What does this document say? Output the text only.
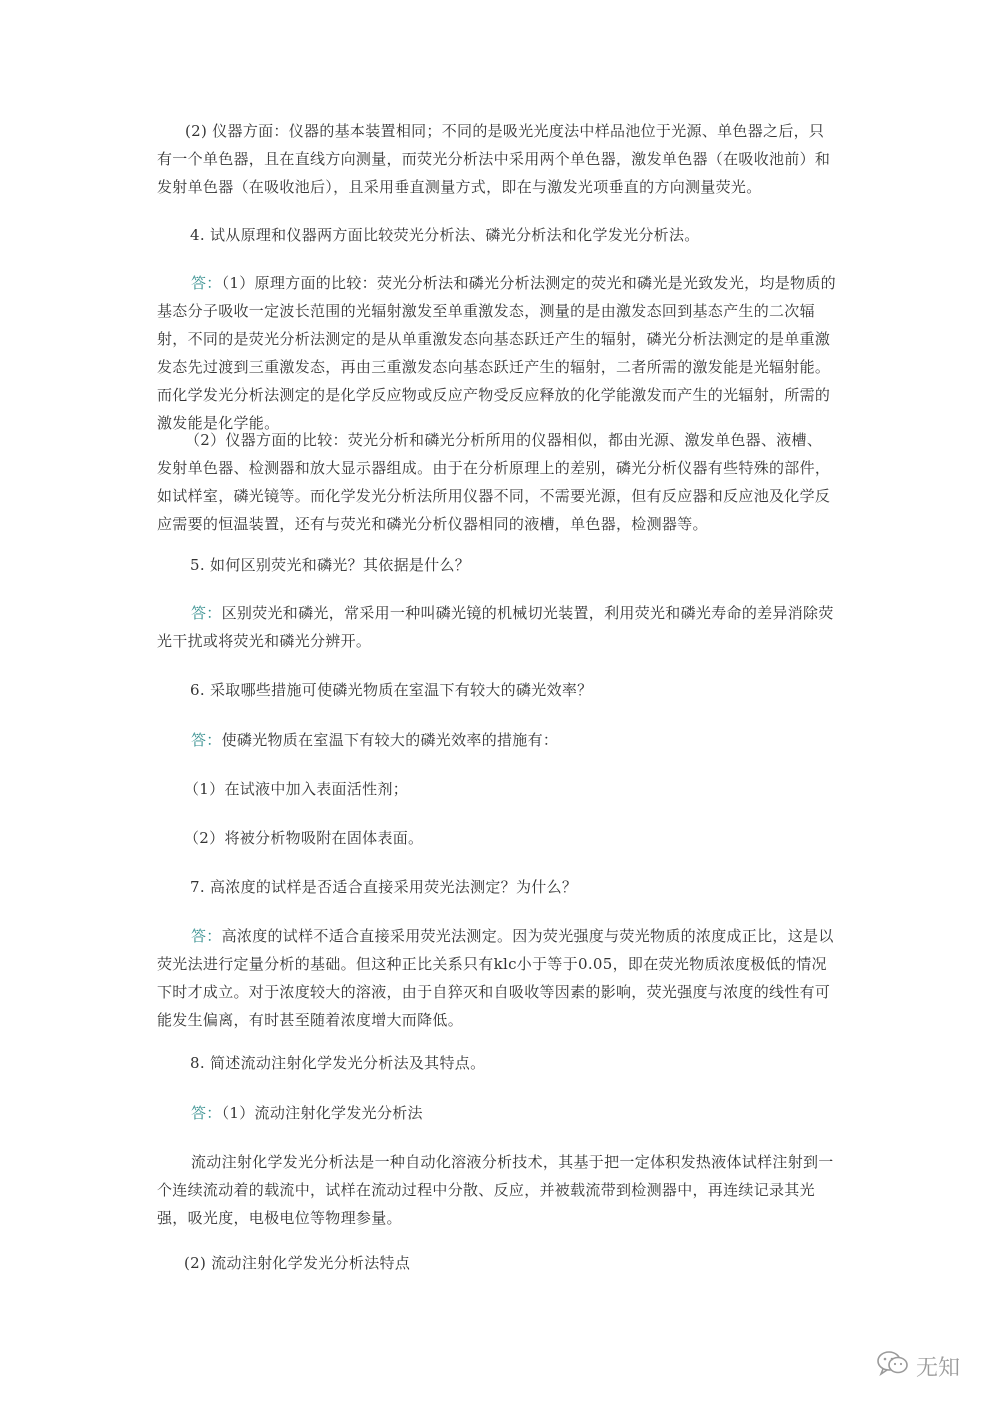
(2) 仪器方面：仪器的基本装置相同；不同的是吸光光度法中样品池位于光源、单色器之后，只有一个单色器，且在直线方向测量，而荧光分析法中采用两个单色器，激发单色器（在吸收池前）和发射单色器（在吸收池后），且采用垂直测量方式，即在与激发光项垂直的方向测量荧光。
4. 试从原理和仪器两方面比较荧光分析法、磷光分析法和化学发光分析法。
答：（1）原理方面的比较：荧光分析法和磷光分析法测定的荧光和磷光是光致发光，均是物质的基态分子吸收一定波长范围的光辐射激发至单重激发态，测量的是由激发态回到基态产生的二次辐射，不同的是荧光分析法测定的是从单重激发态向基态跃迁产生的辐射，磷光分析法测定的是单重激发态先过渡到三重激发态，再由三重激发态向基态跃迁产生的辐射，二者所需的激发能是光辐射能。而化学发光分析法测定的是化学反应物或反应产物受反应释放的化学能激发而产生的光辐射，所需的激发能是化学能。
（2）仪器方面的比较：荧光分析和磷光分析所用的仪器相似，都由光源、激发单色器、液槽、发射单色器、检测器和放大显示器组成。由于在分析原理上的差别，磷光分析仪器有些特殊的部件，如试样室，磷光镜等。而化学发光分析法所用仪器不同，不需要光源，但有反应器和反应池及化学反应需要的恒温装置，还有与荧光和磷光分析仪器相同的液槽，单色器，检测器等。
5. 如何区别荧光和磷光？其依据是什么？
答：区别荧光和磷光，常采用一种叫磷光镜的机械切光装置，利用荧光和磷光寿命的差异消除荧光干扰或将荧光和磷光分辨开。
6. 采取哪些措施可使磷光物质在室温下有较大的磷光效率？
答：使磷光物质在室温下有较大的磷光效率的措施有：
（1）在试液中加入表面活性剂；
（2）将被分析物吸附在固体表面。
7. 高浓度的试样是否适合直接采用荧光法测定？为什么？
答：高浓度的试样不适合直接采用荧光法测定。因为荧光强度与荧光物质的浓度成正比，这是以荧光法进行定量分析的基础。但这种正比关系只有klc小于等于0.05，即在荧光物质浓度极低的情况下时才成立。对于浓度较大的溶液，由于自猝灭和自吸收等因素的影响，荧光强度与浓度的线性有可能发生偏离，有时甚至随着浓度增大而降低。
8. 简述流动注射化学发光分析法及其特点。
答：（1）流动注射化学发光分析法
流动注射化学发光分析法是一种自动化溶液分析技术，其基于把一定体积发热液体试样注射到一个连续流动着的载流中，试样在流动过程中分散、反应，并被载流带到检测器中，再连续记录其光强，吸光度，电极电位等物理参量。
(2) 流动注射化学发光分析法特点
无知
